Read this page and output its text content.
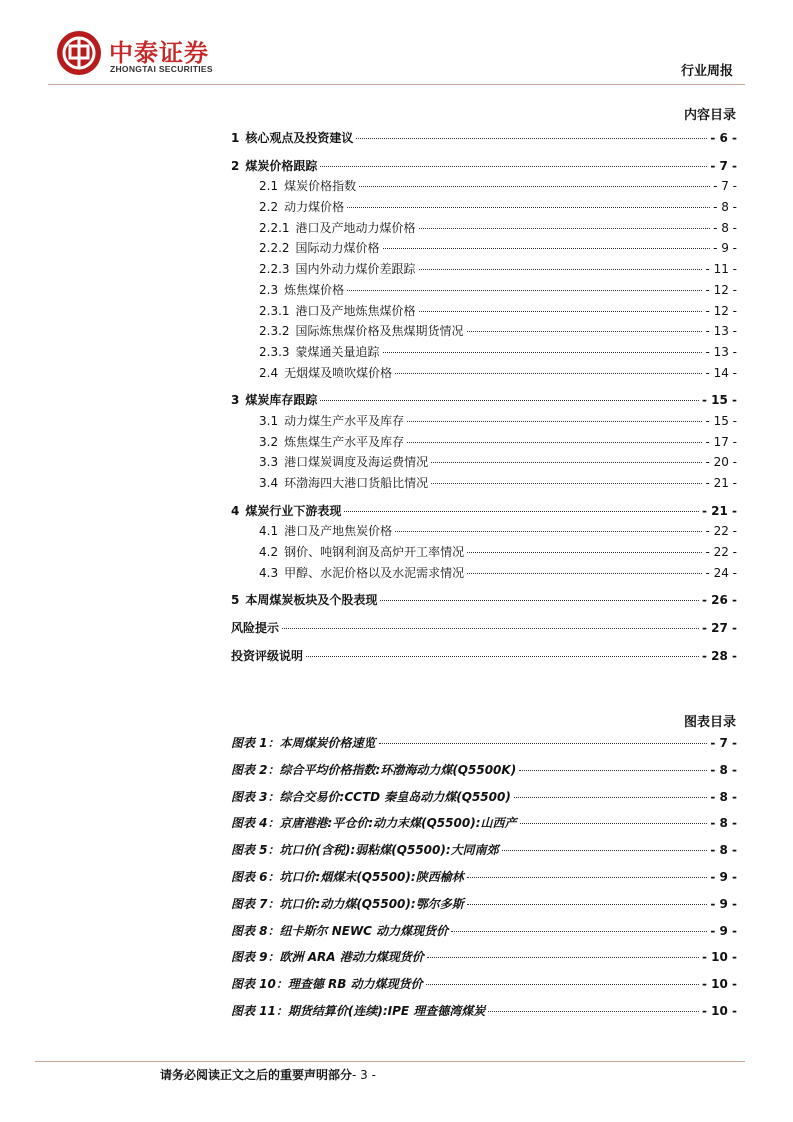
中泰证券
ZHONGTAI SECURITIES	行业周报
内容目录
1 核心观点及投资建议	- 6 -
2 煤炭价格跟踪	- 7 -
2.1 煤炭价格指数	- 7 -
2.2 动力煤价格	- 8 -
2.2.1 港口及产地动力煤价格	- 8 -
2.2.2 国际动力煤价格	- 9 -
2.2.3 国内外动力煤价差跟踪	- 11 -
2.3 炼焦煤价格	- 12 -
2.3.1 港口及产地炼焦煤价格	- 12 -
2.3.2 国际炼焦煤价格及焦煤期货情况	- 13 -
2.3.3 蒙煤通关量追踪	- 13 -
2.4 无烟煤及喷吹煤价格	- 14 -
3 煤炭库存跟踪	- 15 -
3.1 动力煤生产水平及库存	- 15 -
3.2 炼焦煤生产水平及库存	- 17 -
3.3 港口煤炭调度及海运费情况	- 20 -
3.4 环渤海四大港口货船比情况	- 21 -
4 煤炭行业下游表现	- 21 -
4.1 港口及产地焦炭价格	- 22 -
4.2 钢价、吨钢利润及高炉开工率情况	- 22 -
4.3 甲醇、水泥价格以及水泥需求情况	- 24 -
5 本周煤炭板块及个股表现	- 26 -
风险提示	- 27 -
投资评级说明	- 28 -
图表目录
图表 1：本周煤炭价格速览	- 7 -
图表 2：综合平均价格指数:环渤海动力煤(Q5500K)	- 8 -
图表 3：综合交易价:CCTD 秦皇岛动力煤(Q5500)	- 8 -
图表 4：京唐港港:平仓价:动力末煤(Q5500):山西产	- 8 -
图表 5：坑口价(含税):弱粘煤(Q5500):大同南郊	- 8 -
图表 6：坑口价:烟煤末(Q5500):陕西榆林	- 9 -
图表 7：坑口价:动力煤(Q5500):鄂尔多斯	- 9 -
图表 8：纽卡斯尔 NEWC 动力煤现货价	- 9 -
图表 9：欧洲 ARA 港动力煤现货价	- 10 -
图表 10：理查德 RB 动力煤现货价	- 10 -
图表 11：期货结算价(连续):IPE 理查德湾煤炭	- 10 -
请务必阅读正文之后的重要声明部分- 3 -
